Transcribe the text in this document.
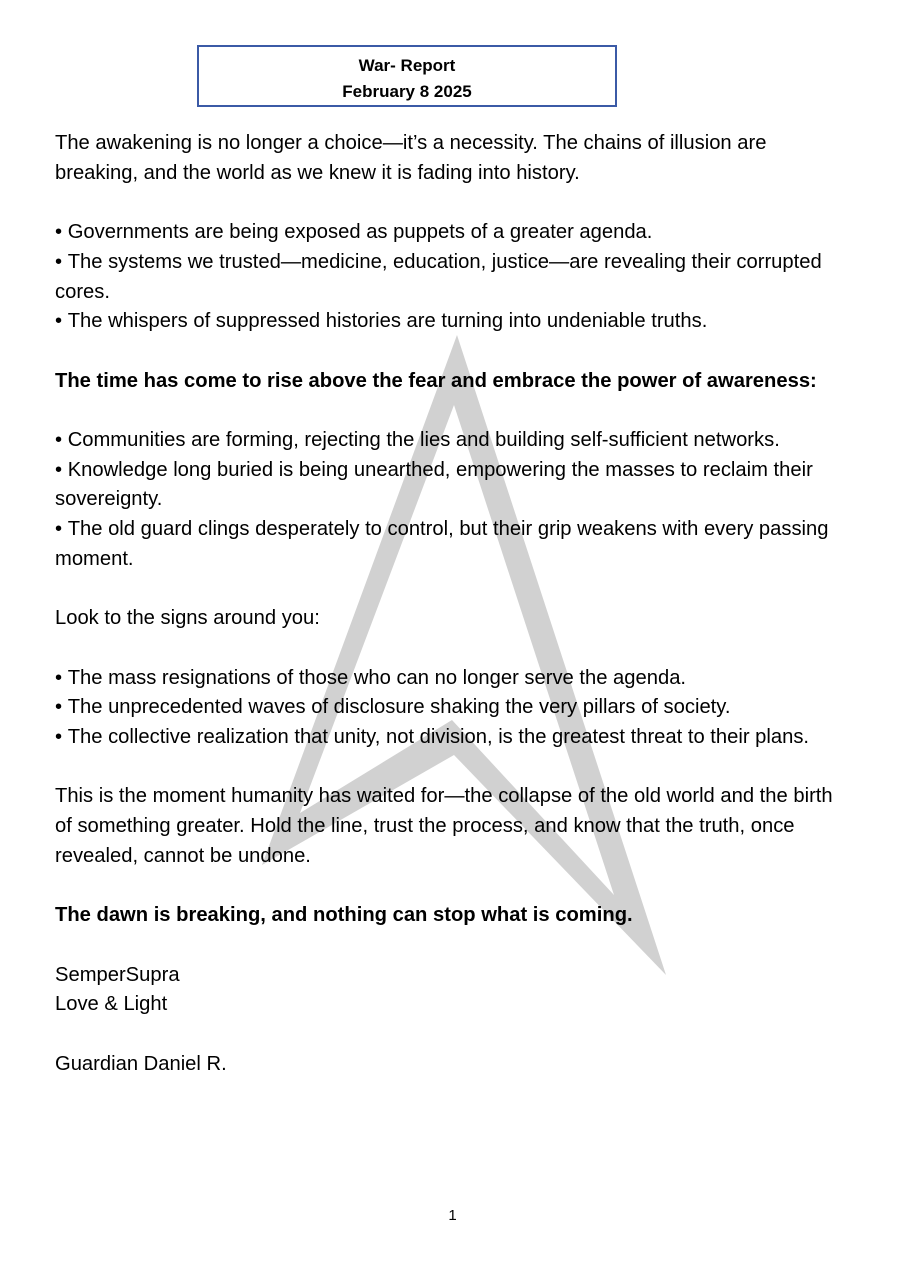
War- Report
February 8 2025

The awakening is no longer a choice—it’s a necessity. The chains of illusion are breaking, and the world as we knew it is fading into history.

• Governments are being exposed as puppets of a greater agenda.

• The systems we trusted—medicine, education, justice—are revealing their corrupted cores.

• The whispers of suppressed histories are turning into undeniable truths.

The time has come to rise above the fear and embrace the power of awareness:

• Communities are forming, rejecting the lies and building self-sufficient networks.

• Knowledge long buried is being unearthed, empowering the masses to reclaim their sovereignty.

• The old guard clings desperately to control, but their grip weakens with every passing moment.

Look to the signs around you:

• The mass resignations of those who can no longer serve the agenda.

• The unprecedented waves of disclosure shaking the very pillars of society.

• The collective realization that unity, not division, is the greatest threat to their plans.

This is the moment humanity has waited for—the collapse of the old world and the birth of something greater. Hold the line, trust the process, and know that the truth, once revealed, cannot be undone.

The dawn is breaking, and nothing can stop what is coming.

SemperSupra

Love & Light

Guardian Daniel R.

1
